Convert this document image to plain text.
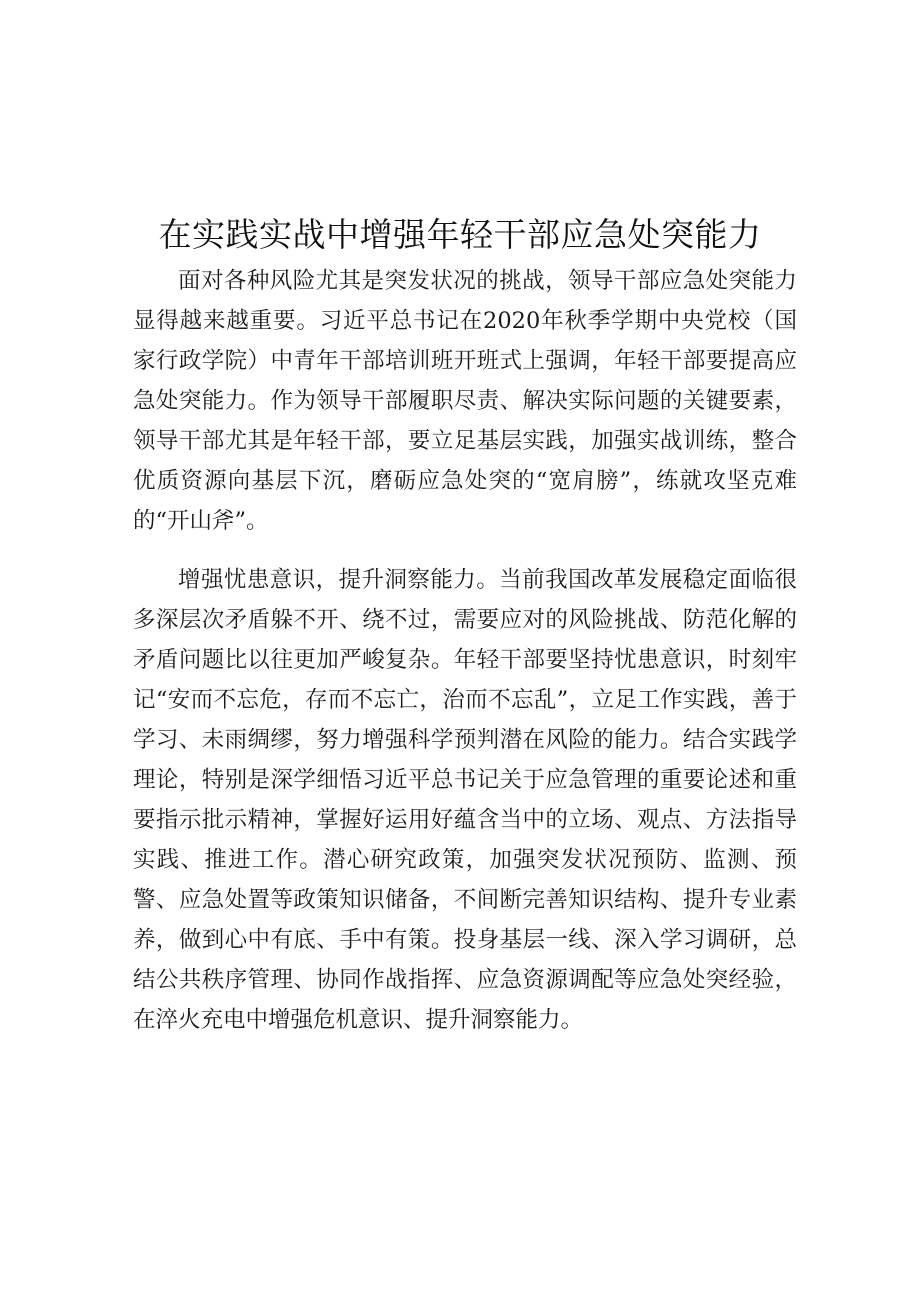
在实践实战中增强年轻干部应急处突能力

面对各种风险尤其是突发状况的挑战，领导干部应急处突能力显得越来越重要。习近平总书记在2020年秋季学期中央党校（国家行政学院）中青年干部培训班开班式上强调，年轻干部要提高应急处突能力。作为领导干部履职尽责、解决实际问题的关键要素，领导干部尤其是年轻干部，要立足基层实践，加强实战训练，整合优质资源向基层下沉，磨砺应急处突的“宽肩膀”，练就攻坚克难的“开山斧”。

增强忧患意识，提升洞察能力。当前我国改革发展稳定面临很多深层次矛盾躲不开、绕不过，需要应对的风险挑战、防范化解的矛盾问题比以往更加严峻复杂。年轻干部要坚持忧患意识，时刻牢记“安而不忘危，存而不忘亡，治而不忘乱”，立足工作实践，善于学习、未雨绸缪，努力增强科学预判潜在风险的能力。结合实践学理论，特别是深学细悟习近平总书记关于应急管理的重要论述和重要指示批示精神，掌握好运用好蕴含当中的立场、观点、方法指导实践、推进工作。潜心研究政策，加强突发状况预防、监测、预警、应急处置等政策知识储备，不间断完善知识结构、提升专业素养，做到心中有底、手中有策。投身基层一线、深入学习调研，总结公共秩序管理、协同作战指挥、应急资源调配等应急处突经验，在淬火充电中增强危机意识、提升洞察能力。
